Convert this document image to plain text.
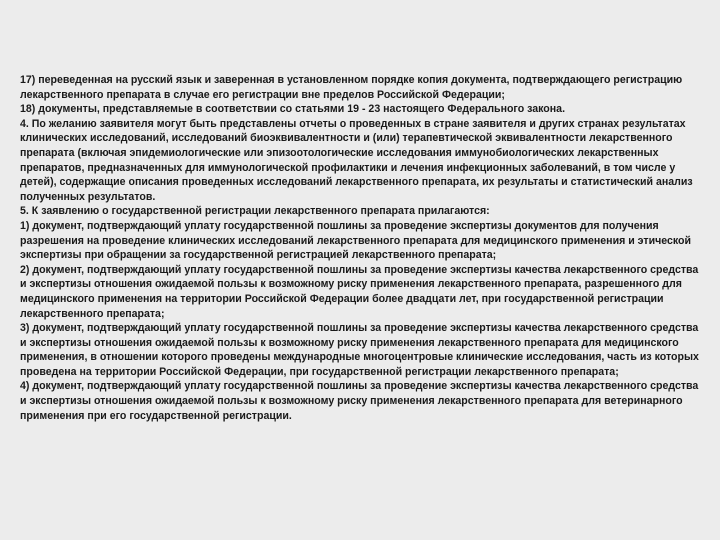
17) переведенная на русский язык и заверенная в установленном порядке копия документа, подтверждающего регистрацию лекарственного препарата в случае его регистрации вне пределов Российской Федерации;

18) документы, представляемые в соответствии со статьями 19 - 23 настоящего Федерального закона.

4. По желанию заявителя могут быть представлены отчеты о проведенных в стране заявителя и других странах результатах клинических исследований, исследований биоэквивалентности и (или) терапевтической эквивалентности лекарственного препарата (включая эпидемиологические или эпизоотологические исследования иммунобиологических лекарственных препаратов, предназначенных для иммунологической профилактики и лечения инфекционных заболеваний, в том числе у детей), содержащие описания проведенных исследований лекарственного препарата, их результаты и статистический анализ полученных результатов.

5. К заявлению о государственной регистрации лекарственного препарата прилагаются:

1) документ, подтверждающий уплату государственной пошлины за проведение экспертизы документов для получения разрешения на проведение клинических исследований лекарственного препарата для медицинского применения и этической экспертизы при обращении за государственной регистрацией лекарственного препарата;

2) документ, подтверждающий уплату государственной пошлины за проведение экспертизы качества лекарственного средства и экспертизы отношения ожидаемой пользы к возможному риску применения лекарственного препарата, разрешенного для медицинского применения на территории Российской Федерации более двадцати лет, при государственной регистрации лекарственного препарата;

3) документ, подтверждающий уплату государственной пошлины за проведение экспертизы качества лекарственного средства и экспертизы отношения ожидаемой пользы к возможному риску применения лекарственного препарата для медицинского применения, в отношении которого проведены международные многоцентровые клинические исследования, часть из которых проведена на территории Российской Федерации, при государственной регистрации лекарственного препарата;

4) документ, подтверждающий уплату государственной пошлины за проведение экспертизы качества лекарственного средства и экспертизы отношения ожидаемой пользы к возможному риску применения лекарственного препарата для ветеринарного применения при его государственной регистрации.
